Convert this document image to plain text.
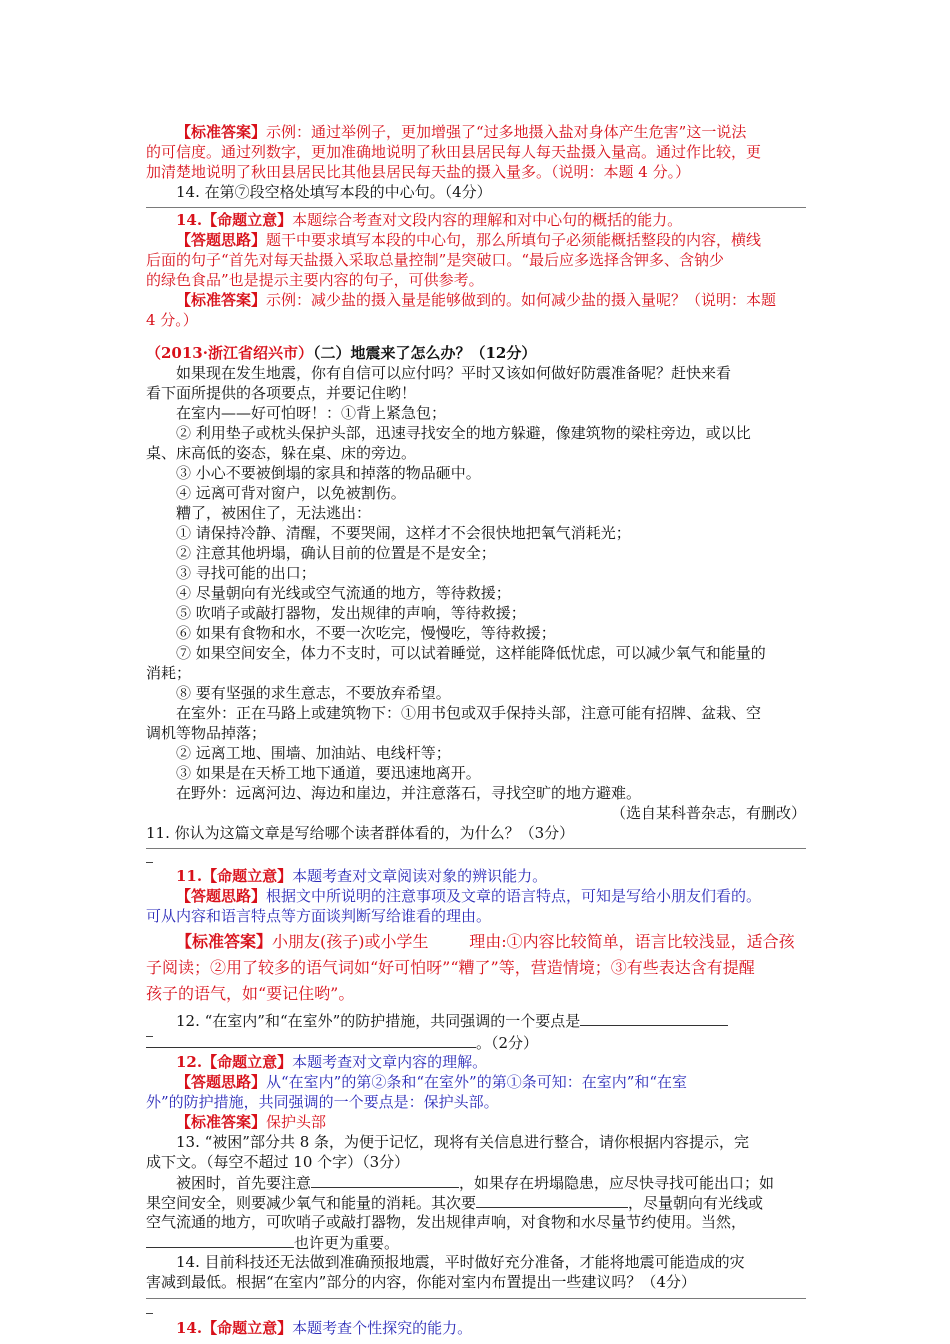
【标准答案】示例：通过举例子，更加增强了“过多地摄入盐对身体产生危害”这一说法
的可信度。通过列数字，更加准确地说明了秋田县居民每人每天盐摄入量高。通过作比较，更
加清楚地说明了秋田县居民比其他县居民每天盐的摄入量多。（说明：本题 4 分。）
14. 在第⑦段空格处填写本段的中心句。（4分）
14.【命题立意】本题综合考查对文段内容的理解和对中心句的概括的能力。
【答题思路】题干中要求填写本段的中心句，那么所填句子必须能概括整段的内容，横线
后面的句子“首先对每天盐摄入采取总量控制”是突破口。“最后应多选择含钾多、含钠少
的绿色食品”也是提示主要内容的句子，可供参考。
【标准答案】示例：减少盐的摄入量是能够做到的。如何减少盐的摄入量呢？（说明：本题
4 分。）
（2013·浙江省绍兴市）（二）地震来了怎么办？（12分）
如果现在发生地震，你有自信可以应付吗？平时又该如何做好防震准备呢？赶快来看
看下面所提供的各项要点，并要记住哟！
在室内——好可怕呀！：①背上紧急包；
② 利用垫子或枕头保护头部，迅速寻找安全的地方躲避，像建筑物的梁柱旁边，或以比
桌、床高低的姿态，躲在桌、床的旁边。
③ 小心不要被倒塌的家具和掉落的物品砸中。
④ 远离可背对窗户，以免被割伤。
糟了，被困住了，无法逃出：
① 请保持冷静、清醒，不要哭闹，这样才不会很快地把氧气消耗光；
② 注意其他坍塌，确认目前的位置是不是安全；
③ 寻找可能的出口；
④ 尽量朝向有光线或空气流通的地方，等待救援；
⑤ 吹哨子或敲打器物，发出规律的声响，等待救援；
⑥ 如果有食物和水，不要一次吃完，慢慢吃，等待救援；
⑦ 如果空间安全，体力不支时，可以试着睡觉，这样能降低忧虑，可以减少氧气和能量的
消耗；
⑧ 要有坚强的求生意志，不要放弃希望。
在室外：正在马路上或建筑物下：①用书包或双手保持头部，注意可能有招牌、盆栽、空
调机等物品掉落；
② 远离工地、围墙、加油站、电线杆等；
③ 如果是在天桥工地下通道，要迅速地离开。
在野外：远离河边、海边和崖边，并注意落石，寻找空旷的地方避难。
（选自某科普杂志，有删改）
11. 你认为这篇文章是写给哪个读者群体看的，为什么？（3分）
11.【命题立意】本题考查对文章阅读对象的辨识能力。
【答题思路】根据文中所说明的注意事项及文章的语言特点，可知是写给小朋友们看的。
可从内容和语言特点等方面谈判断写给谁看的理由。
【标准答案】小朋友(孩子)或小学生        理由:①内容比较简单，语言比较浅显，适合孩
子阅读；②用了较多的语气词如“好可怕呀”“糟了”等，营造情境；③有些表达含有提醒
孩子的语气，如“要记住哟”。
12. “在室内”和“在室外”的防护措施，共同强调的一个要点是
。（2分）
12.【命题立意】本题考查对文章内容的理解。
【答题思路】从“在室内”的第②条和“在室外”的第①条可知：在室内”和“在室
外”的防护措施，共同强调的一个要点是：保护头部。
【标准答案】保护头部
13. “被困”部分共 8 条，为便于记忆，现将有关信息进行整合，请你根据内容提示，完
成下文。（每空不超过 10 个字）（3分）
被困时，首先要注意	，如果存在坍塌隐患，应尽快寻找可能出口；如
果空间安全，则要减少氧气和能量的消耗。其次要	，尽量朝向有光线或
空气流通的地方，可吹哨子或敲打器物，发出规律声响，对食物和水尽量节约使用。当然，
也许更为重要。
14. 目前科技还无法做到准确预报地震，平时做好充分准备，才能将地震可能造成的灾
害减到最低。根据“在室内”部分的内容，你能对室内布置提出一些建议吗？（4分）
14.【命题立意】本题考查个性探究的能力。
